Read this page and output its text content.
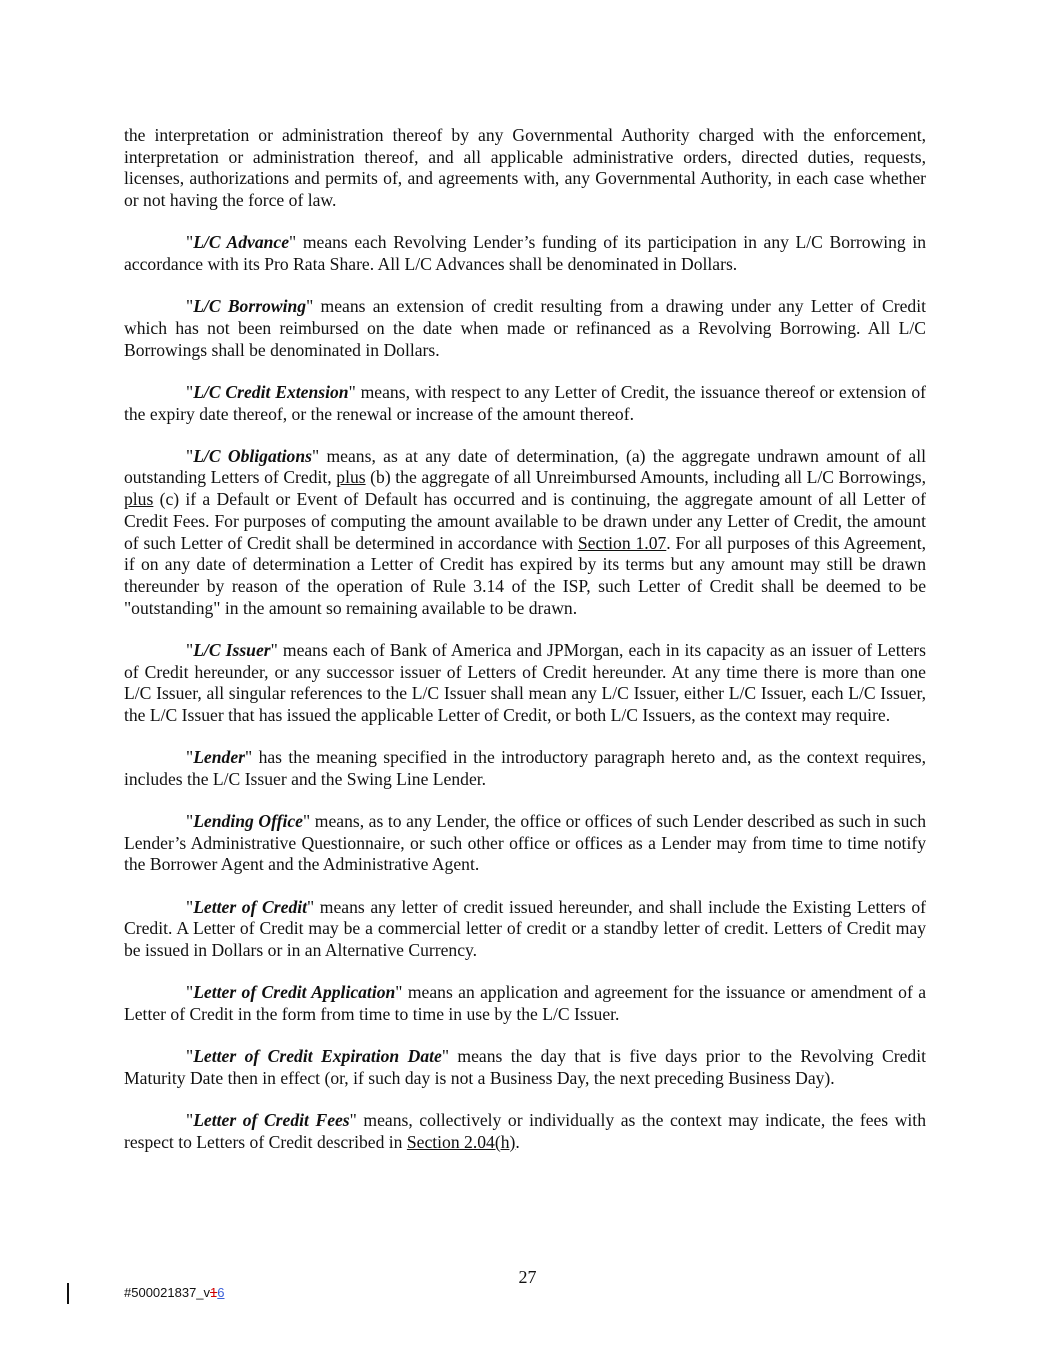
the interpretation or administration thereof by any Governmental Authority charged with the enforcement, interpretation or administration thereof, and all applicable administrative orders, directed duties, requests, licenses, authorizations and permits of, and agreements with, any Governmental Authority, in each case whether or not having the force of law.

"L/C Advance" means each Revolving Lender’s funding of its participation in any L/C Borrowing in accordance with its Pro Rata Share. All L/C Advances shall be denominated in Dollars.

"L/C Borrowing" means an extension of credit resulting from a drawing under any Letter of Credit which has not been reimbursed on the date when made or refinanced as a Revolving Borrowing. All L/C Borrowings shall be denominated in Dollars.

"L/C Credit Extension" means, with respect to any Letter of Credit, the issuance thereof or extension of the expiry date thereof, or the renewal or increase of the amount thereof.

"L/C Obligations" means, as at any date of determination, (a) the aggregate undrawn amount of all outstanding Letters of Credit, plus (b) the aggregate of all Unreimbursed Amounts, including all L/C Borrowings, plus (c) if a Default or Event of Default has occurred and is continuing, the aggregate amount of all Letter of Credit Fees. For purposes of computing the amount available to be drawn under any Letter of Credit, the amount of such Letter of Credit shall be determined in accordance with Section 1.07. For all purposes of this Agreement, if on any date of determination a Letter of Credit has expired by its terms but any amount may still be drawn thereunder by reason of the operation of Rule 3.14 of the ISP, such Letter of Credit shall be deemed to be "outstanding" in the amount so remaining available to be drawn.

"L/C Issuer" means each of Bank of America and JPMorgan, each in its capacity as an issuer of Letters of Credit hereunder, or any successor issuer of Letters of Credit hereunder. At any time there is more than one L/C Issuer, all singular references to the L/C Issuer shall mean any L/C Issuer, either L/C Issuer, each L/C Issuer, the L/C Issuer that has issued the applicable Letter of Credit, or both L/C Issuers, as the context may require.

"Lender" has the meaning specified in the introductory paragraph hereto and, as the context requires, includes the L/C Issuer and the Swing Line Lender.

"Lending Office" means, as to any Lender, the office or offices of such Lender described as such in such Lender’s Administrative Questionnaire, or such other office or offices as a Lender may from time to time notify the Borrower Agent and the Administrative Agent.

"Letter of Credit" means any letter of credit issued hereunder, and shall include the Existing Letters of Credit. A Letter of Credit may be a commercial letter of credit or a standby letter of credit. Letters of Credit may be issued in Dollars or in an Alternative Currency.

"Letter of Credit Application" means an application and agreement for the issuance or amendment of a Letter of Credit in the form from time to time in use by the L/C Issuer.

"Letter of Credit Expiration Date" means the day that is five days prior to the Revolving Credit Maturity Date then in effect (or, if such day is not a Business Day, the next preceding Business Day).

"Letter of Credit Fees" means, collectively or individually as the context may indicate, the fees with respect to Letters of Credit described in Section 2.04(h).

27
#500021837_v16
